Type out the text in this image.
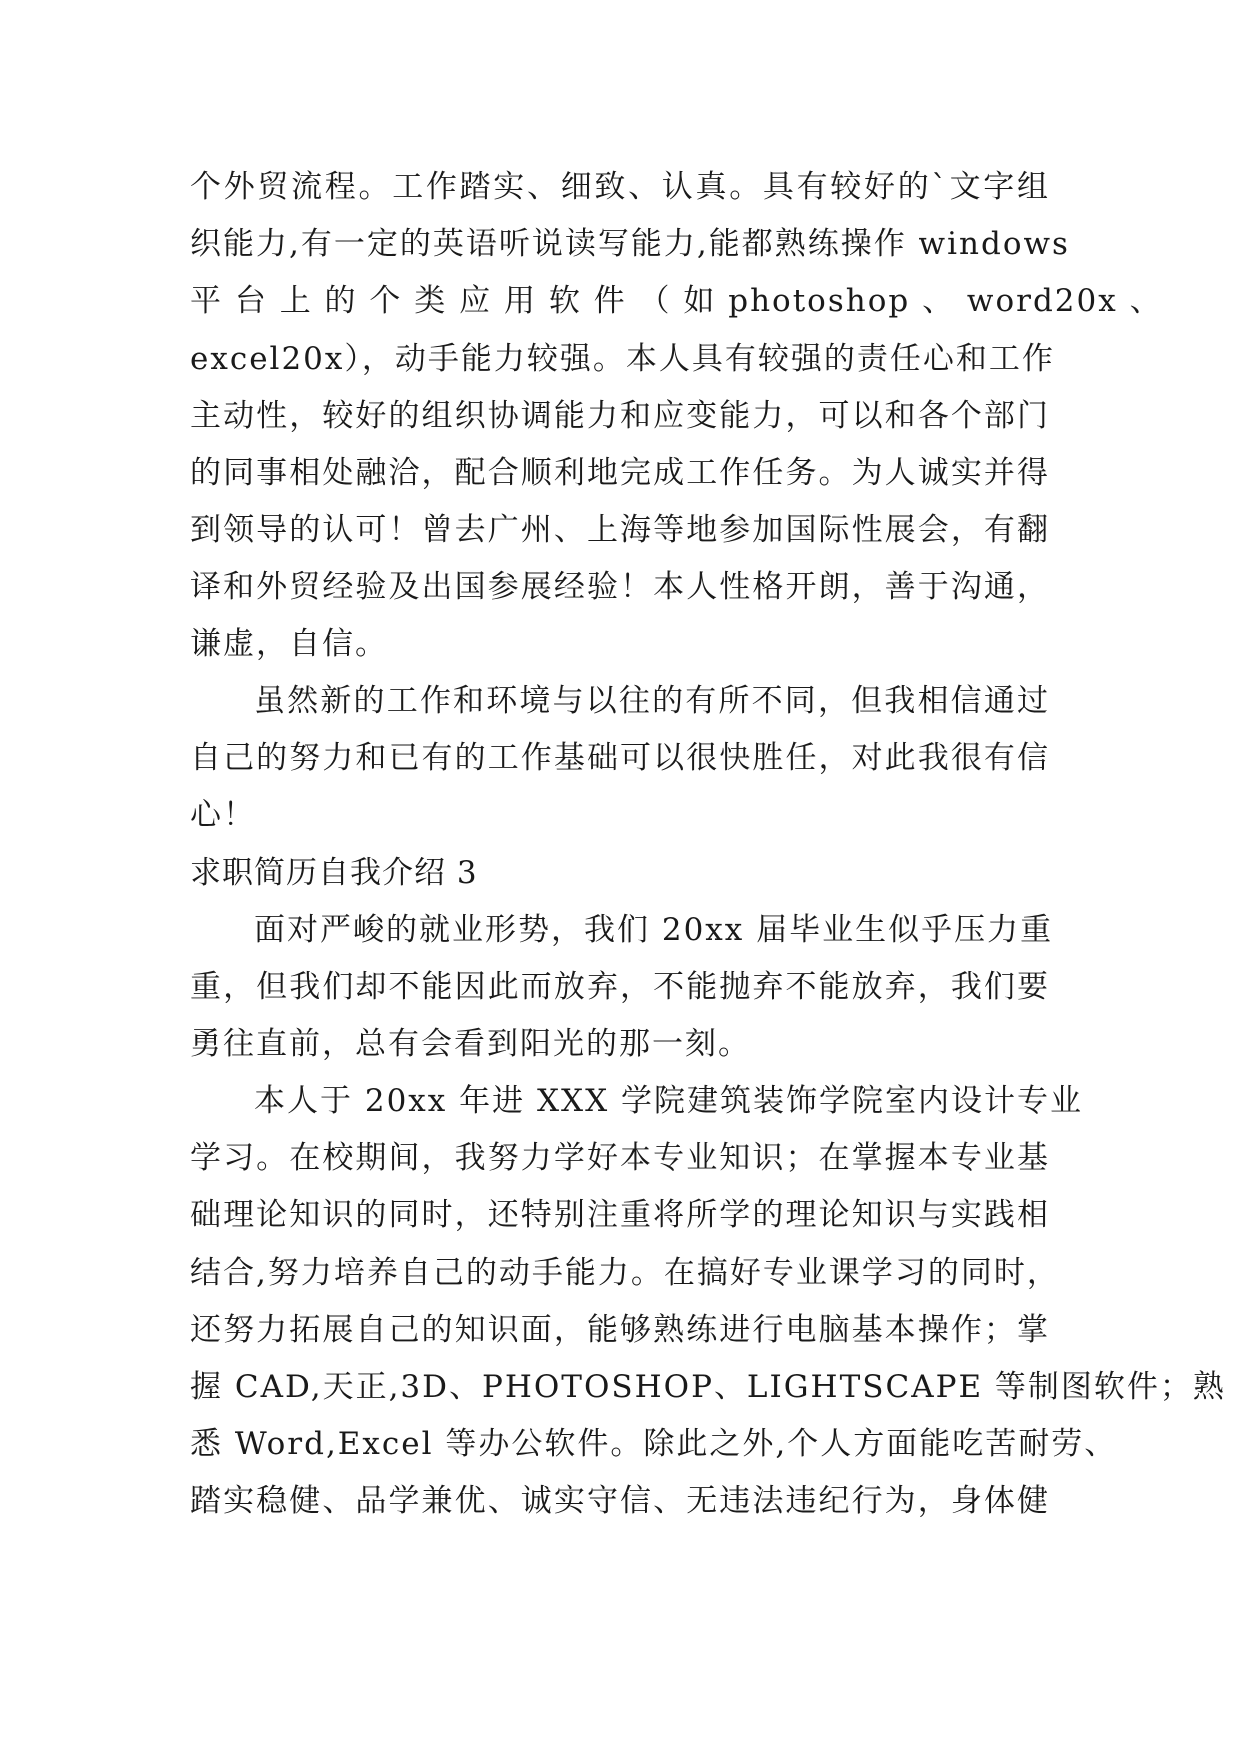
个外贸流程。工作踏实、细致、认真。具有较好的`文字组
织能力,有一定的英语听说读写能力,能都熟练操作 windows
平 台 上 的 个 类 应 用 软 件 （ 如 photoshop 、 word20x 、
excel20x），动手能力较强。本人具有较强的责任心和工作
主动性，较好的组织协调能力和应变能力，可以和各个部门
的同事相处融洽，配合顺利地完成工作任务。为人诚实并得
到领导的认可！曾去广州、上海等地参加国际性展会，有翻
译和外贸经验及出国参展经验！本人性格开朗，善于沟通，
谦虚，自信。
虽然新的工作和环境与以往的有所不同，但我相信通过
自己的努力和已有的工作基础可以很快胜任，对此我很有信
心！
求职简历自我介绍 3
面对严峻的就业形势，我们 20xx 届毕业生似乎压力重
重，但我们却不能因此而放弃，不能抛弃不能放弃，我们要
勇往直前，总有会看到阳光的那一刻。
本人于 20xx 年进 XXX 学院建筑装饰学院室内设计专业
学习。在校期间，我努力学好本专业知识；在掌握本专业基
础理论知识的同时，还特别注重将所学的理论知识与实践相
结合,努力培养自己的动手能力。在搞好专业课学习的同时，
还努力拓展自己的知识面，能够熟练进行电脑基本操作；掌
握 CAD,天正,3D、PHOTOSHOP、LIGHTSCAPE 等制图软件；熟
悉 Word,Excel 等办公软件。除此之外,个人方面能吃苦耐劳、
踏实稳健、品学兼优、诚实守信、无违法违纪行为，身体健
